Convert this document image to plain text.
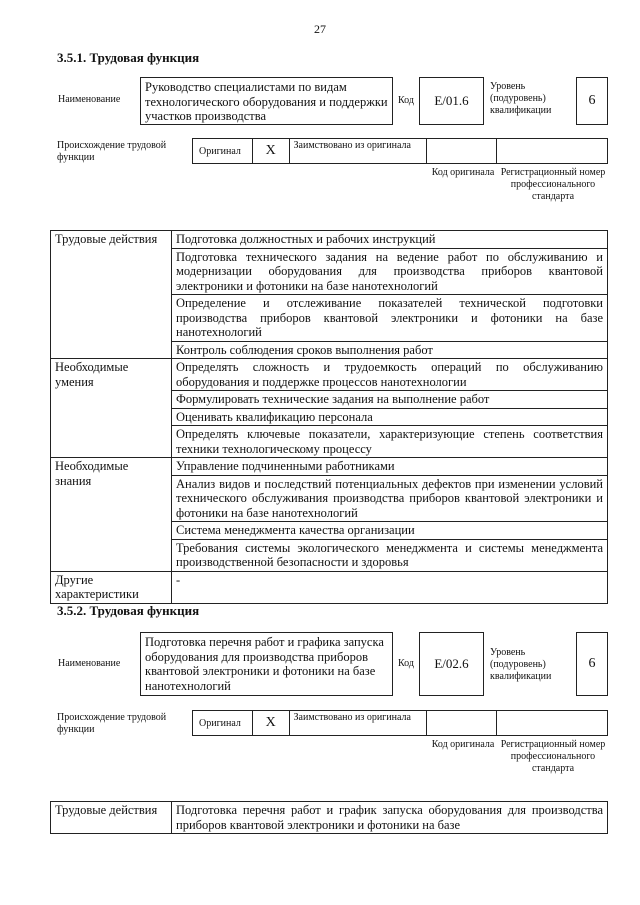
27
3.5.1. Трудовая функция
Наименование
Руководство специалистами по видам технологического оборудования и поддержки участков производства
Код	E/01.6
Уровень (подуровень) квалификации
6
Происхождение трудовой функции
Оригинал	X	Заимствовано из оригинала
Код оригинала Регистрационный номер профессионального стандарта
Трудовые действия	Подготовка должностных и рабочих инструкций
	Подготовка технического задания на ведение работ по обслуживанию и модернизации оборудования для производства приборов квантовой электроники и фотоники на базе нанотехнологий
	Определение и отслеживание показателей технической подготовки производства приборов квантовой электроники и фотоники на базе нанотехнологий
	Контроль соблюдения сроков выполнения работ
Необходимые умения	Определять сложность и трудоемкость операций по обслуживанию оборудования и поддержке процессов нанотехнологии
	Формулировать технические задания на выполнение работ
	Оценивать квалификацию персонала
	Определять ключевые показатели, характеризующие степень соответствия техники технологическому процессу
Необходимые знания	Управление подчиненными работниками
	Анализ видов и последствий потенциальных дефектов при изменении условий технического обслуживания производства приборов квантовой электроники и фотоники на базе нанотехнологий
	Система менеджмента качества организации
	Требования системы экологического менеджмента и системы менеджмента производственной безопасности и здоровья
Другие характеристики	-
3.5.2. Трудовая функция
Наименование
Подготовка перечня работ и графика запуска оборудования для производства приборов квантовой электроники и фотоники на базе нанотехнологий
Код	E/02.6
Уровень (подуровень) квалификации
6
Происхождение трудовой функции
Оригинал	X	Заимствовано из оригинала
Код оригинала Регистрационный номер профессионального стандарта
Трудовые действия	Подготовка перечня работ и график запуска оборудования для производства приборов квантовой электроники и фотоники на базе
